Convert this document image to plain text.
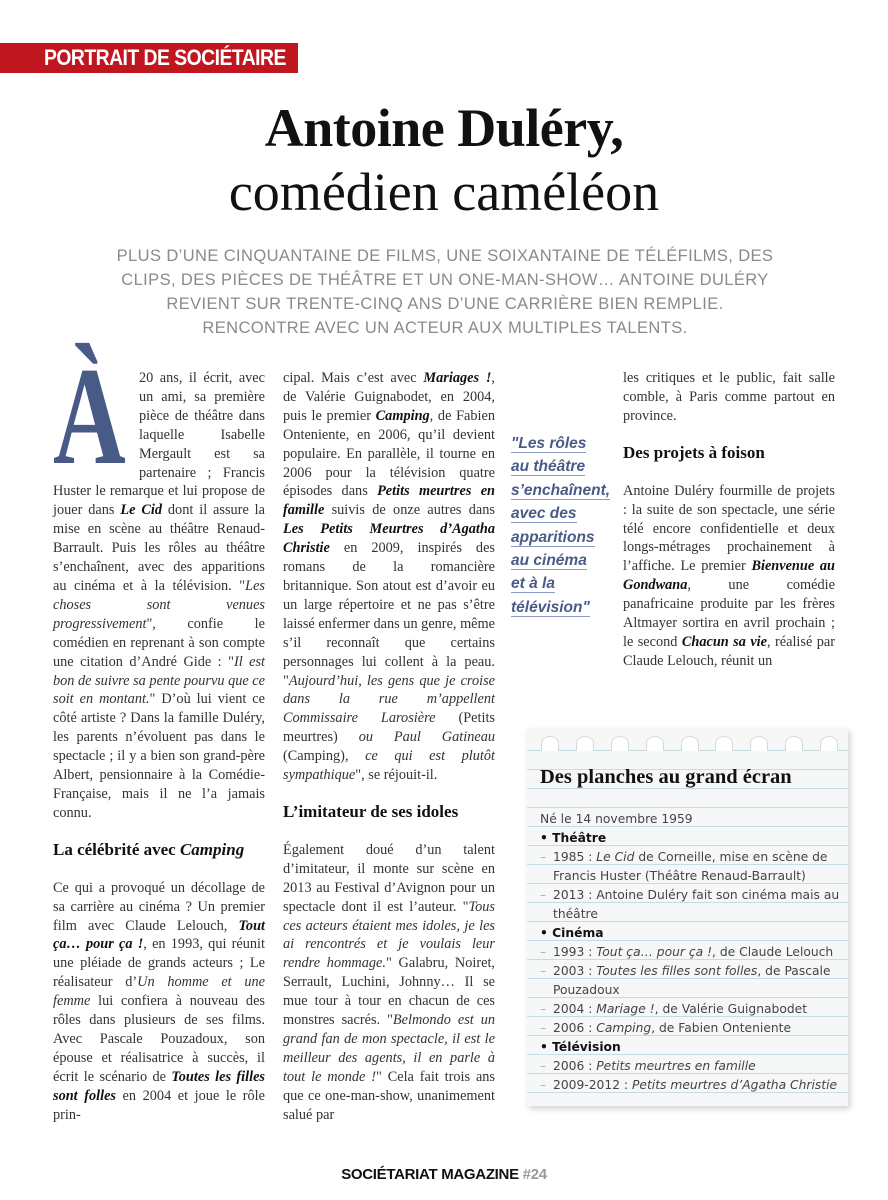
PORTRAIT DE SOCIÉTAIRE
Antoine Duléry,
comédien caméléon
PLUS D’UNE CINQUANTAINE DE FILMS, UNE SOIXANTAINE DE TÉLÉFILMS, DES CLIPS, DES PIÈCES DE THÉÂTRE ET UN ONE-MAN-SHOW… ANTOINE DULÉRY REVIENT SUR TRENTE-CINQ ANS D’UNE CARRIÈRE BIEN REMPLIE. RENCONTRE AVEC UN ACTEUR AUX MULTIPLES TALENTS.

À 20 ans, il écrit, avec un ami, sa première pièce de théâtre dans laquelle Isabelle Mergault est sa partenaire ; Francis Huster le remarque et lui propose de jouer dans Le Cid dont il assure la mise en scène au théâtre Renaud-Barrault. Puis les rôles au théâtre s’enchaînent, avec des apparitions au cinéma et à la télévision. "Les choses sont venues progressivement", confie le comédien en reprenant à son compte une citation d’André Gide : "Il est bon de suivre sa pente pourvu que ce soit en montant." D’où lui vient ce côté artiste ? Dans la famille Duléry, les parents n’évoluent pas dans le spectacle ; il y a bien son grand-père Albert, pensionnaire à la Comédie-Française, mais il ne l’a jamais connu.

La célébrité avec Camping

Ce qui a provoqué un décollage de sa carrière au cinéma ? Un premier film avec Claude Lelouch, Tout ça… pour ça !, en 1993, qui réunit une pléiade de grands acteurs ; Le réalisateur d’Un homme et une femme lui confiera à nouveau des rôles dans plusieurs de ses films. Avec Pascale Pouzadoux, son épouse et réalisatrice à succès, il écrit le scénario de Toutes les filles sont folles en 2004 et joue le rôle prin-

cipal. Mais c’est avec Mariages !, de Valérie Guignabodet, en 2004, puis le premier Camping, de Fabien Onteniente, en 2006, qu’il devient populaire. En parallèle, il tourne en 2006 pour la télévision quatre épisodes dans Petits meurtres en famille suivis de onze autres dans Les Petits Meurtres d’Agatha Christie en 2009, inspirés des romans de la romancière britannique. Son atout est d’avoir eu un large répertoire et ne pas s’être laissé enfermer dans un genre, même s’il reconnaît que certains personnages lui collent à la peau. "Aujourd’hui, les gens que je croise dans la rue m’appellent Commissaire Larosière (Petits meurtres) ou Paul Gatineau (Camping), ce qui est plutôt sympathique", se réjouit-il.

L’imitateur de ses idoles

Également doué d’un talent d’imitateur, il monte sur scène en 2013 au Festival d’Avignon pour un spectacle dont il est l’auteur. "Tous ces acteurs étaient mes idoles, je les ai rencontrés et je voulais leur rendre hommage." Galabru, Noiret, Serrault, Luchini, Johnny… Il se mue tour à tour en chacun de ces monstres sacrés. "Belmondo est un grand fan de mon spectacle, il est le meilleur des agents, il en parle à tout le monde !" Cela fait trois ans que ce one-man-show, unanimement salué par

les critiques et le public, fait salle comble, à Paris comme partout en province.

Des projets à foison

Antoine Duléry fourmille de projets : la suite de son spectacle, une série télé encore confidentielle et deux longs-métrages prochainement à l’affiche. Le premier Bienvenue au Gondwana, une comédie panafricaine produite par les frères Altmayer sortira en avril prochain ; le second Chacun sa vie, réalisé par Claude Lelouch, réunit un

"Les rôles
au théâtre
s’enchaînent,
avec des
apparitions
au cinéma
et à la
télévision"
Des planches au grand écran
Né le 14 novembre 1959
• Théâtre
– 1985 : Le Cid de Corneille, mise en scène de Francis Huster (Théâtre Renaud-Barrault)
– 2013 : Antoine Duléry fait son cinéma mais au théâtre
• Cinéma
– 1993 : Tout ça… pour ça !, de Claude Lelouch
– 2003 : Toutes les filles sont folles, de Pascale Pouzadoux
– 2004 : Mariage !, de Valérie Guignabodet
– 2006 : Camping, de Fabien Onteniente
• Télévision
– 2006 : Petits meurtres en famille
– 2009-2012 : Petits meurtres d’Agatha Christie
SOCIÉTARIAT MAGAZINE #24
